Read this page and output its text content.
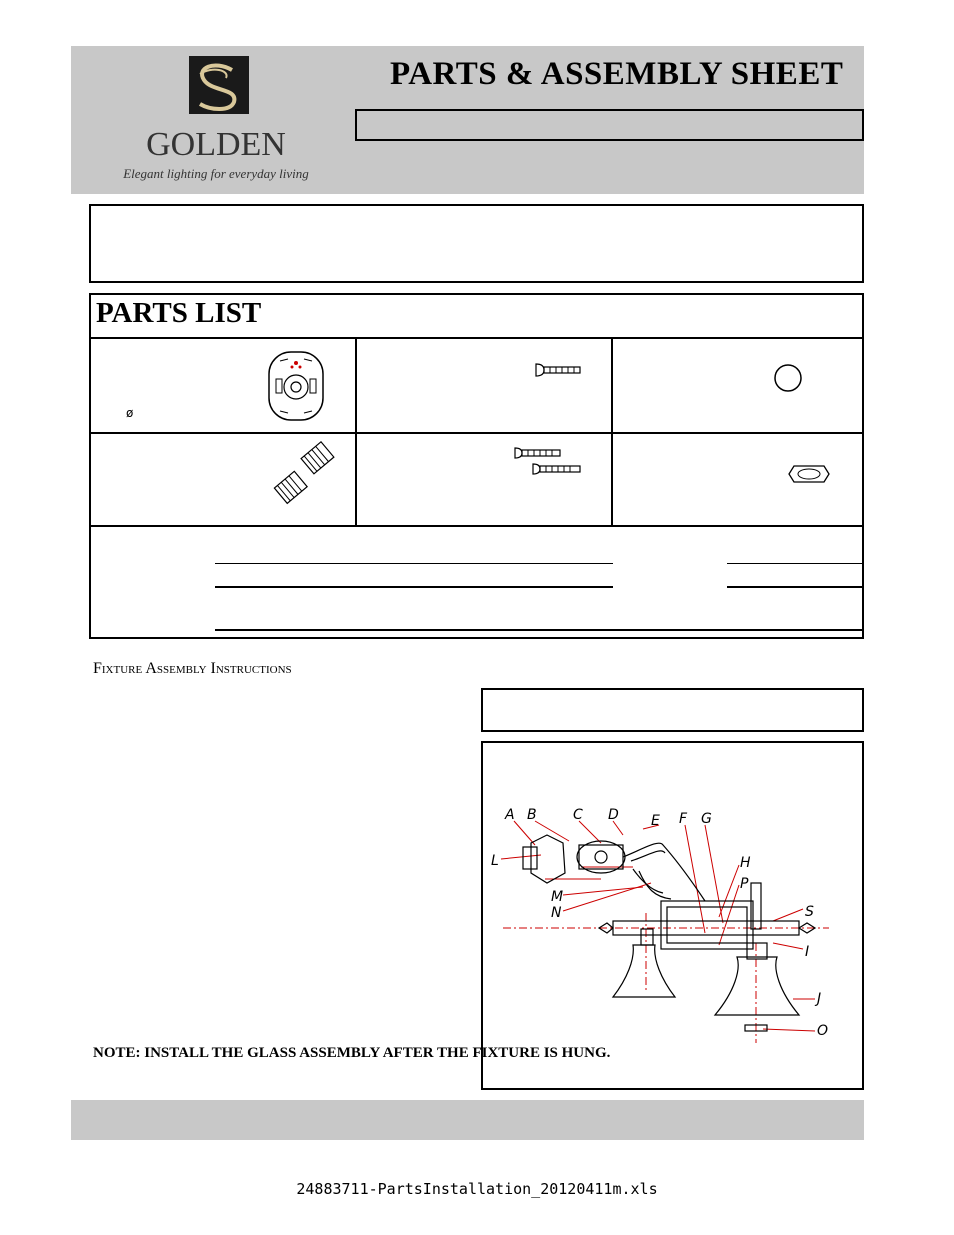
GOLDEN
Elegant lighting for everyday living
PARTS & ASSEMBLY SHEET
PARTS LIST
ø
Fixture Assembly Instructions
A B	C D E F G
L	H
P
M
N	S
I
J
O
NOTE: INSTALL THE GLASS ASSEMBLY AFTER THE FIXTURE IS HUNG.
24883711-PartsInstallation_20120411m.xls
